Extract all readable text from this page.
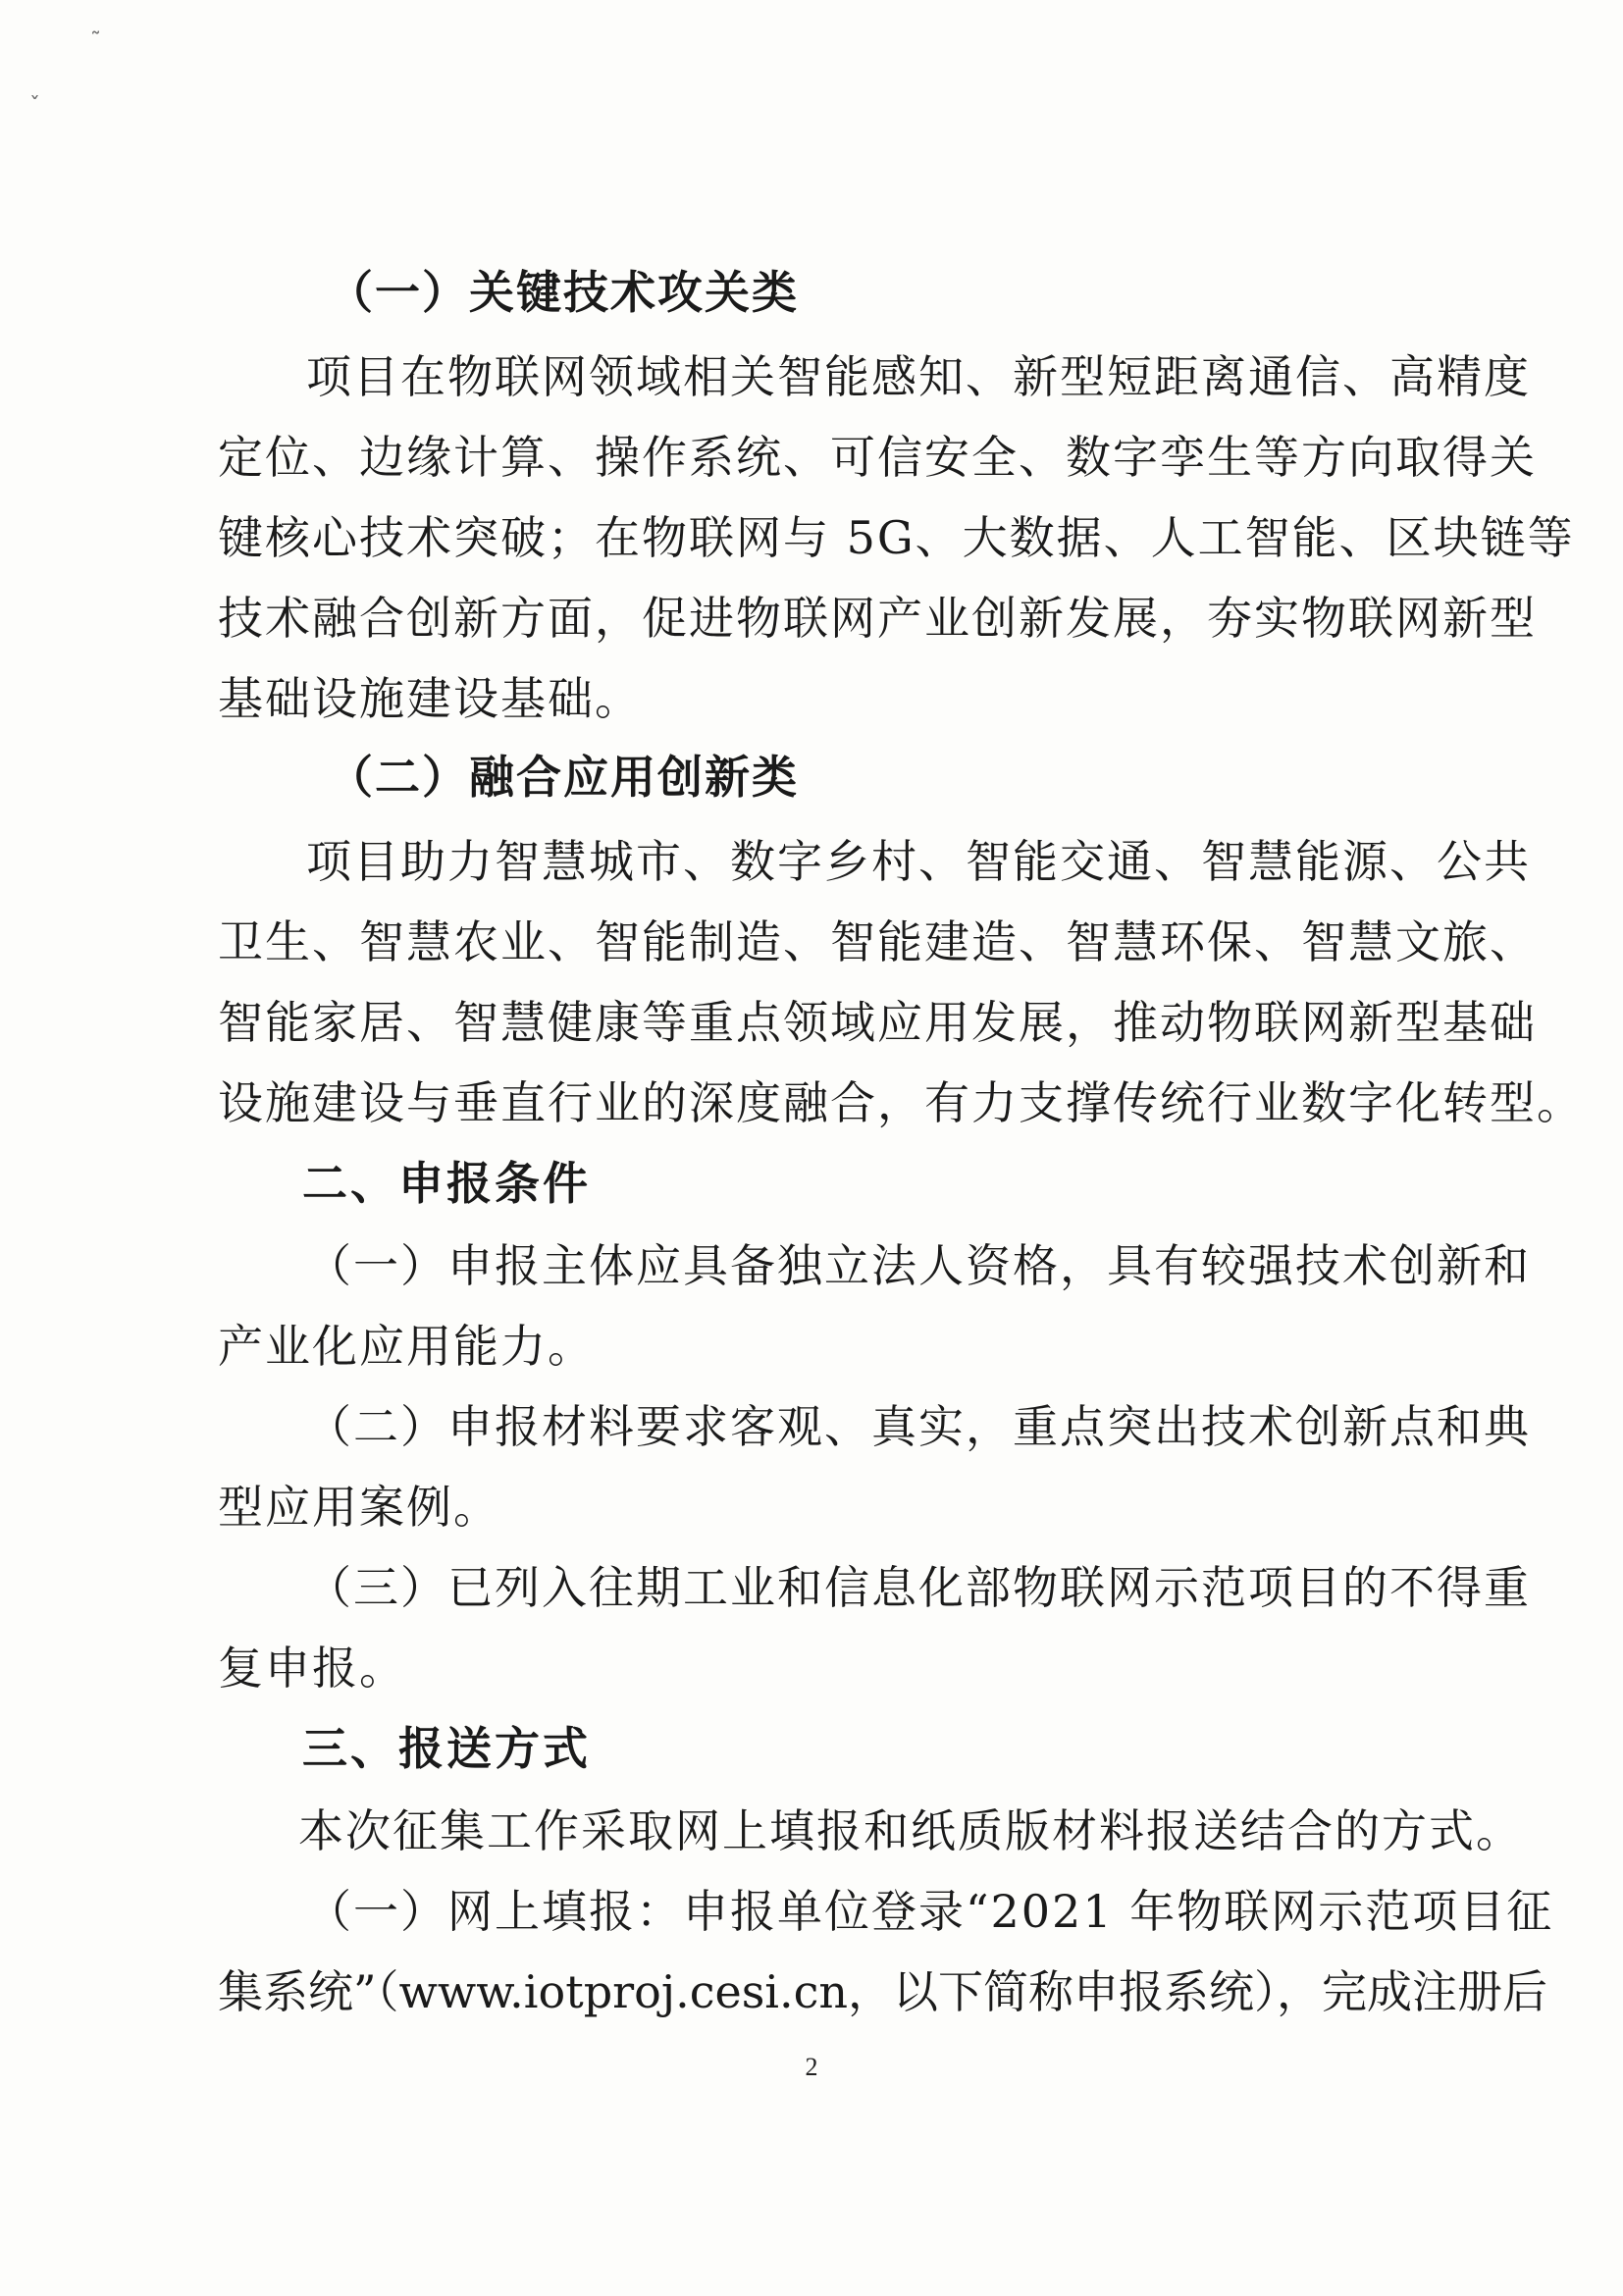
˜
ˇ
（一）关键技术攻关类
项目在物联网领域相关智能感知、新型短距离通信、高精度
定位、边缘计算、操作系统、可信安全、数字孪生等方向取得关
键核心技术突破；在物联网与 5G、大数据、人工智能、区块链等
技术融合创新方面，促进物联网产业创新发展，夯实物联网新型
基础设施建设基础。
（二）融合应用创新类
项目助力智慧城市、数字乡村、智能交通、智慧能源、公共
卫生、智慧农业、智能制造、智能建造、智慧环保、智慧文旅、
智能家居、智慧健康等重点领域应用发展，推动物联网新型基础
设施建设与垂直行业的深度融合，有力支撑传统行业数字化转型。
二、申报条件
（一）申报主体应具备独立法人资格，具有较强技术创新和
产业化应用能力。
（二）申报材料要求客观、真实，重点突出技术创新点和典
型应用案例。
（三）已列入往期工业和信息化部物联网示范项目的不得重
复申报。
三、报送方式
本次征集工作采取网上填报和纸质版材料报送结合的方式。
（一）网上填报：申报单位登录“2021 年物联网示范项目征
集系统”（www.iotproj.cesi.cn，以下简称申报系统），完成注册后
2
